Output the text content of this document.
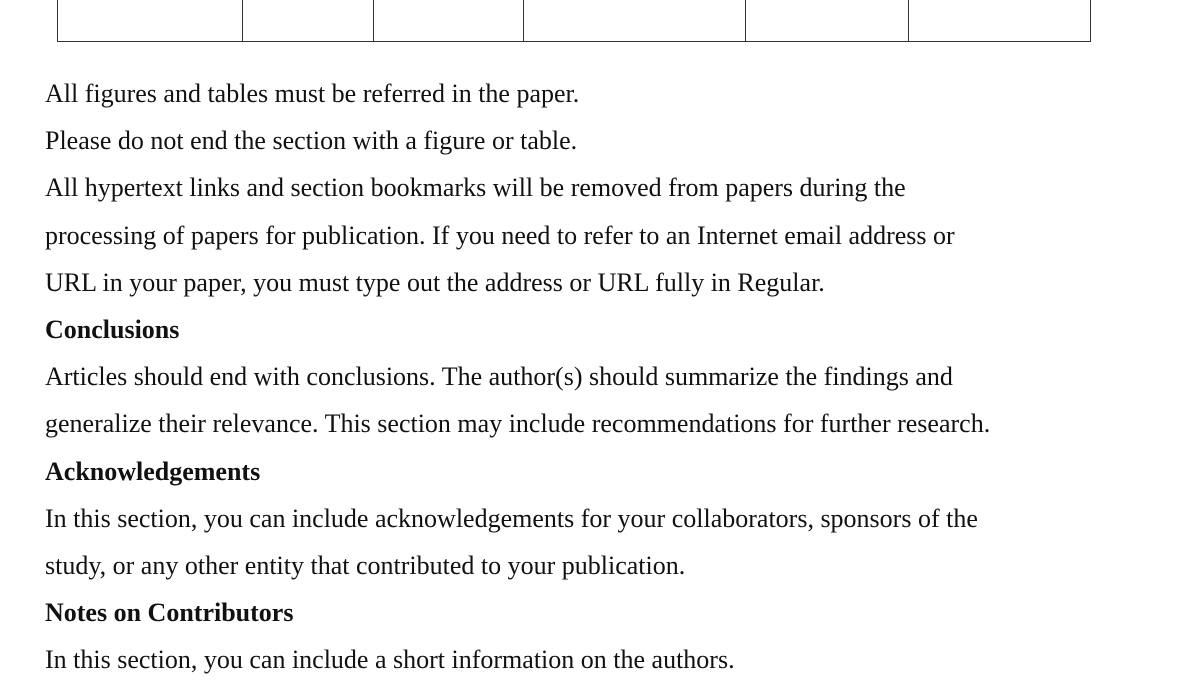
All figures and tables must be referred in the paper.

Please do not end the section with a figure or table.

All hypertext links and section bookmarks will be removed from papers during the

processing of papers for publication. If you need to refer to an Internet email address or

URL in your paper, you must type out the address or URL fully in Regular.

Conclusions

Articles should end with conclusions. The author(s) should summarize the findings and

generalize their relevance. This section may include recommendations for further research.

Acknowledgements

In this section, you can include acknowledgements for your collaborators, sponsors of the

study, or any other entity that contributed to your publication.

Notes on Contributors

In this section, you can include a short information on the authors.
